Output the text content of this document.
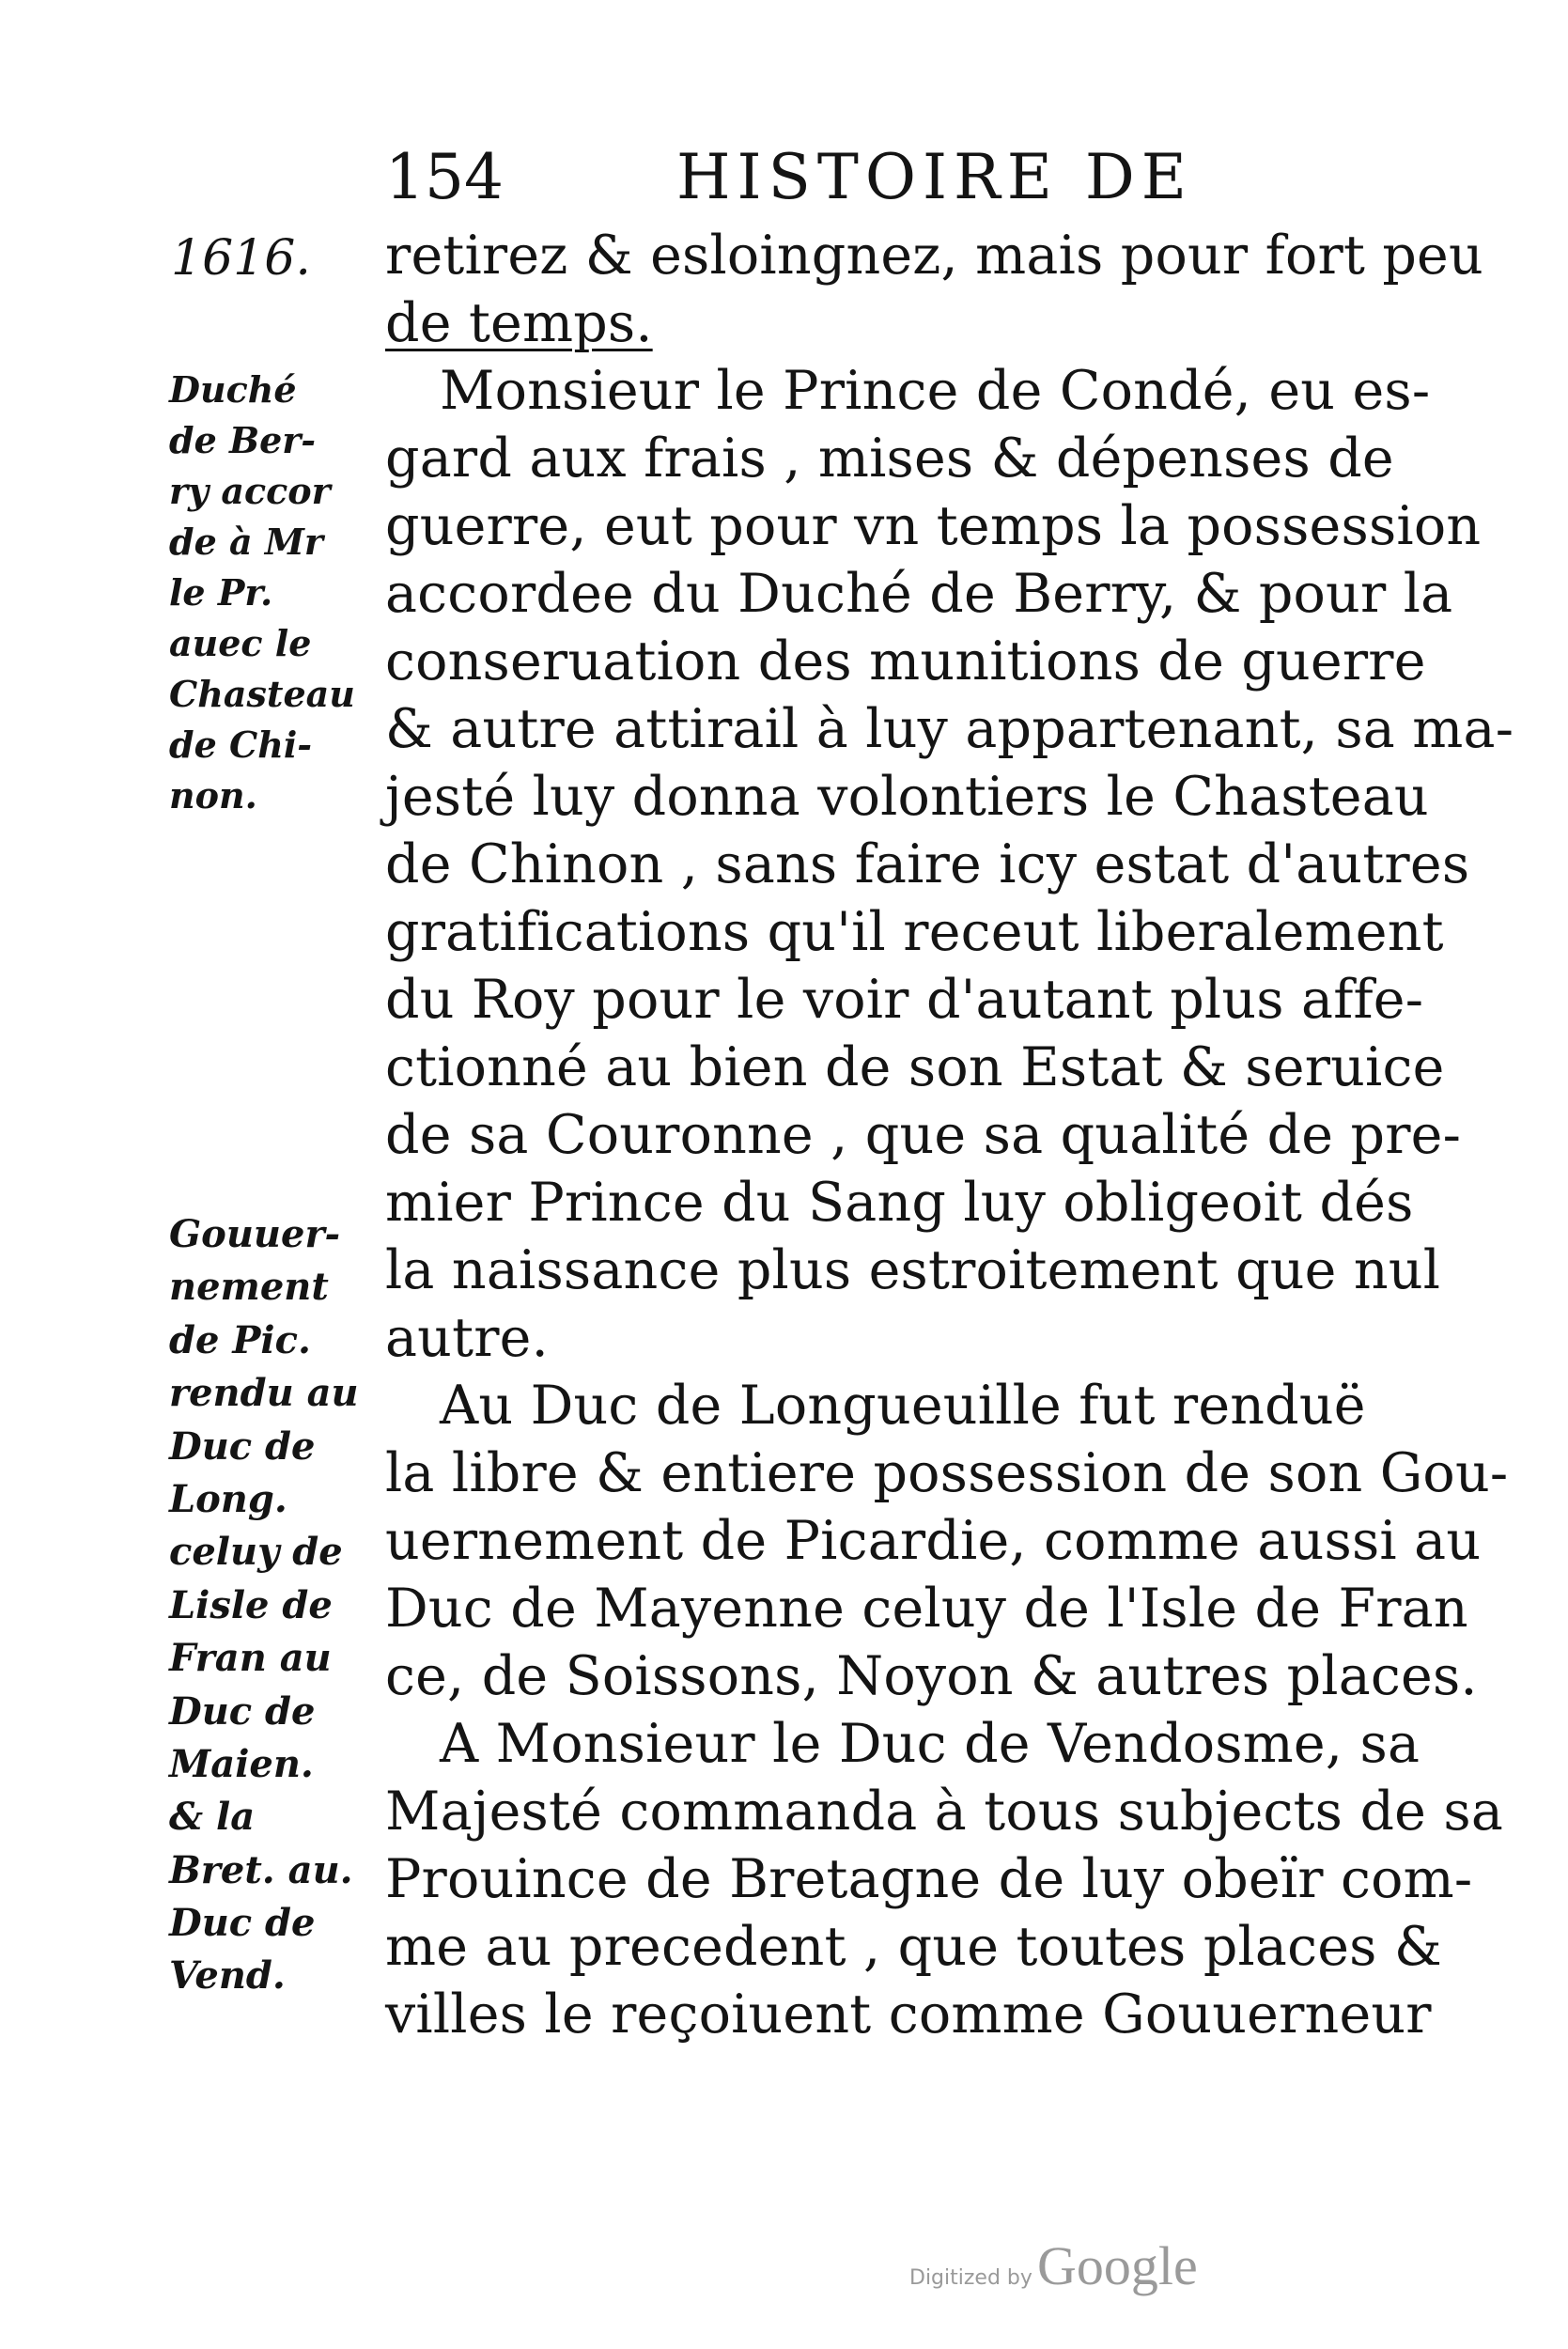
154	HISTOIRE DE
1616. retirez & esloingnez, mais pour fort peu
de temps.
Monsieur le Prince de Condé, eu es-
gard aux frais , mises & dépenses de
guerre, eut pour vn temps la possession
accordee du Duché de Berry, & pour la
conseruation des munitions de guerre
& autre attirail à luy appartenant, sa ma-
jesté luy donna volontiers le Chasteau
de Chinon , sans faire icy estat d'autres
gratifications qu'il receut liberalement
du Roy pour le voir d'autant plus affe-
ctionné au bien de son Estat & seruice
de sa Couronne , que sa qualité de pre-
mier Prince du Sang luy obligeoit dés
la naissance plus estroitement que nul
autre.
Au Duc de Longueuille fut renduë
la libre & entiere possession de son Gou-
uernement de Picardie, comme aussi au
Duc de Mayenne celuy de l'Isle de Fran
ce, de Soissons, Noyon & autres places.
A Monsieur le Duc de Vendosme, sa
Majesté commanda à tous subjects de sa
Prouince de Bretagne de luy obeïr com-
me au precedent , que toutes places &
villes le reçoiuent comme Gouuerneur
Duché
de Ber-
ry accor
de à Mr
le Pr.
auec le
Chasteau
de Chi-
non.
Gouuer-
nement
de Pic.
rendu au
Duc de
Long.
celuy de
Lisle de
Fran au
Duc de
Maien.
& la
Bret. au.
Duc de
Vend.
Digitized by Google
